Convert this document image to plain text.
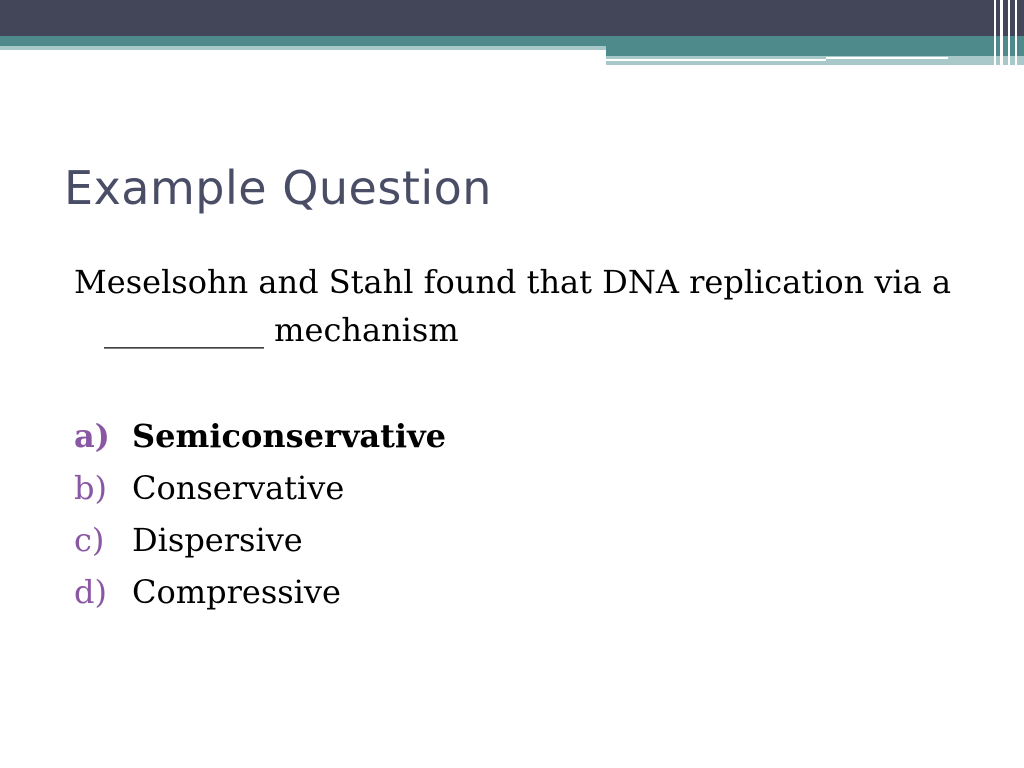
Example Question

Meselsohn and Stahl found that DNA replication via a __________ mechanism

a) Semiconservative
b) Conservative
c) Dispersive
d) Compressive
